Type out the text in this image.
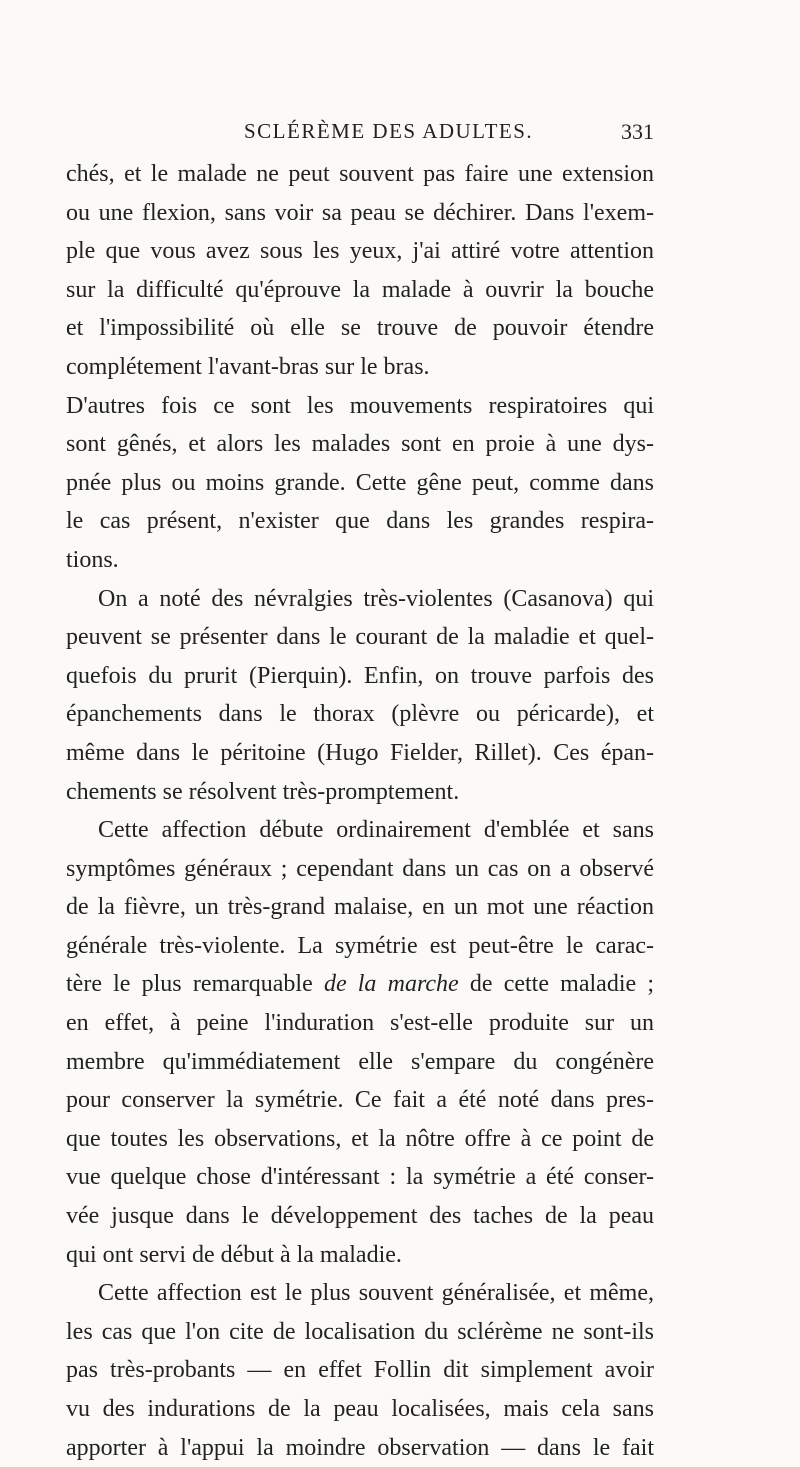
SCLÉRÈME DES ADULTES.	331
chés, et le malade ne peut souvent pas faire une extension
ou une flexion, sans voir sa peau se déchirer. Dans l'exem-
ple que vous avez sous les yeux, j'ai attiré votre attention
sur la difficulté qu'éprouve la malade à ouvrir la bouche
et l'impossibilité où elle se trouve de pouvoir étendre
complétement l'avant-bras sur le bras.
D'autres fois ce sont les mouvements respiratoires qui
sont gênés, et alors les malades sont en proie à une dys-
pnée plus ou moins grande. Cette gêne peut, comme dans
le cas présent, n'exister que dans les grandes respira-
tions.
On a noté des névralgies très-violentes (Casanova) qui
peuvent se présenter dans le courant de la maladie et quel-
quefois du prurit (Pierquin). Enfin, on trouve parfois des
épanchements dans le thorax (plèvre ou péricarde), et
même dans le péritoine (Hugo Fielder, Rillet). Ces épan-
chements se résolvent très-promptement.
Cette affection débute ordinairement d'emblée et sans
symptômes généraux ; cependant dans un cas on a observé
de la fièvre, un très-grand malaise, en un mot une réaction
générale très-violente. La symétrie est peut-être le carac-
tère le plus remarquable de la marche de cette maladie ;
en effet, à peine l'induration s'est-elle produite sur un
membre qu'immédiatement elle s'empare du congénère
pour conserver la symétrie. Ce fait a été noté dans pres-
que toutes les observations, et la nôtre offre à ce point de
vue quelque chose d'intéressant : la symétrie a été conser-
vée jusque dans le développement des taches de la peau
qui ont servi de début à la maladie.
Cette affection est le plus souvent généralisée, et même,
les cas que l'on cite de localisation du sclérème ne sont-ils
pas très-probants — en effet Follin dit simplement avoir
vu des indurations de la peau localisées, mais cela sans
apporter à l'appui la moindre observation — dans le fait
